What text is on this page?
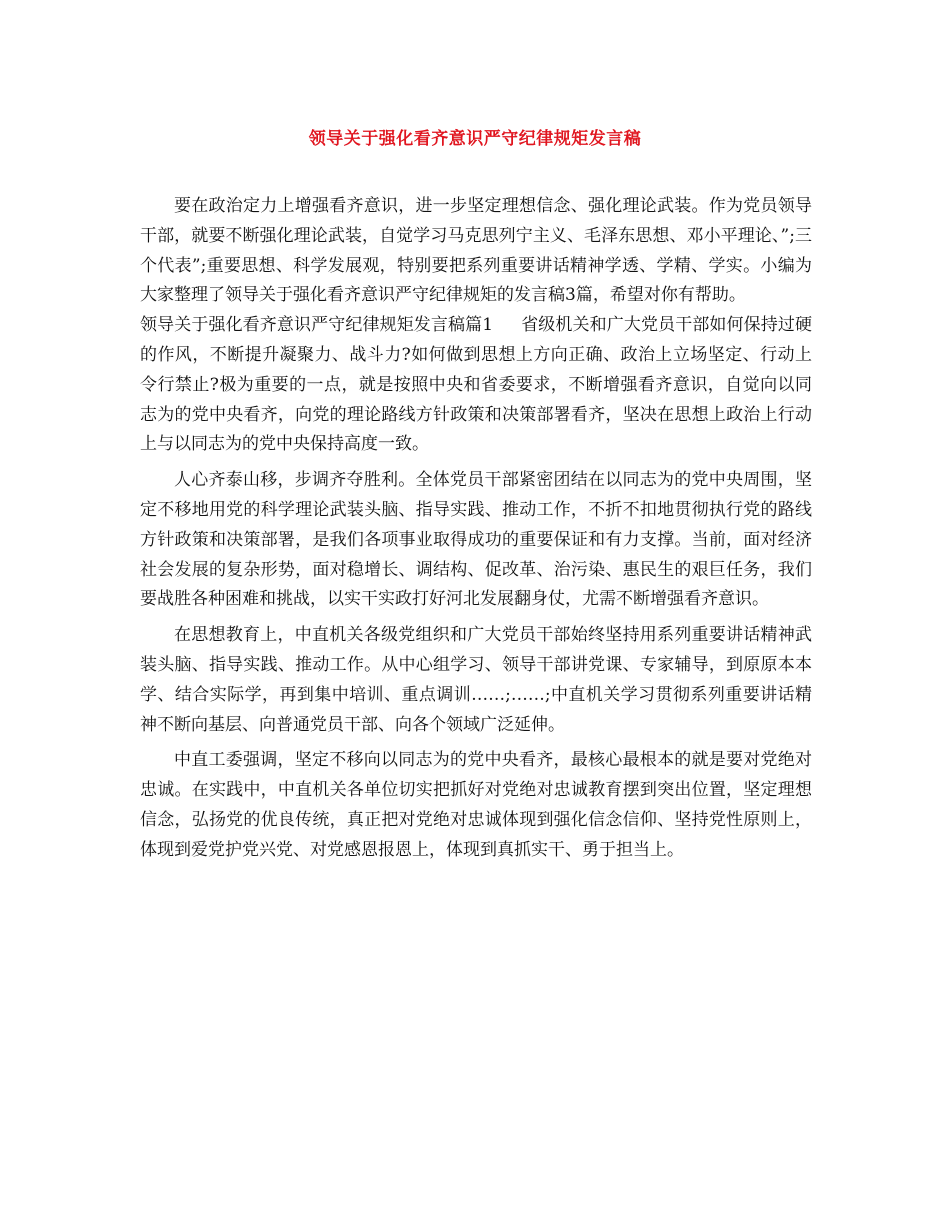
领导关于强化看齐意识严守纪律规矩发言稿

要在政治定力上增强看齐意识，进一步坚定理想信念、强化理论武装。作为党员领导干部，就要不断强化理论武装，自觉学习马克思列宁主义、毛泽东思想、邓小平理论、”;三个代表”;重要思想、科学发展观，特别要把系列重要讲话精神学透、学精、学实。小编为大家整理了领导关于强化看齐意识严守纪律规矩的发言稿3篇，希望对你有帮助。

领导关于强化看齐意识严守纪律规矩发言稿篇1 省级机关和广大党员干部如何保持过硬的作风，不断提升凝聚力、战斗力?如何做到思想上方向正确、政治上立场坚定、行动上令行禁止?极为重要的一点，就是按照中央和省委要求，不断增强看齐意识，自觉向以同志为的党中央看齐，向党的理论路线方针政策和决策部署看齐，坚决在思想上政治上行动上与以同志为的党中央保持高度一致。

人心齐泰山移，步调齐夺胜利。全体党员干部紧密团结在以同志为的党中央周围，坚定不移地用党的科学理论武装头脑、指导实践、推动工作，不折不扣地贯彻执行党的路线方针政策和决策部署，是我们各项事业取得成功的重要保证和有力支撑。当前，面对经济社会发展的复杂形势，面对稳增长、调结构、促改革、治污染、惠民生的艰巨任务，我们要战胜各种困难和挑战，以实干实政打好河北发展翻身仗，尤需不断增强看齐意识。

在思想教育上，中直机关各级党组织和广大党员干部始终坚持用系列重要讲话精神武装头脑、指导实践、推动工作。从中心组学习、领导干部讲党课、专家辅导，到原原本本学、结合实际学，再到集中培训、重点调训……;……;中直机关学习贯彻系列重要讲话精神不断向基层、向普通党员干部、向各个领域广泛延伸。

中直工委强调，坚定不移向以同志为的党中央看齐，最核心最根本的就是要对党绝对忠诚。在实践中，中直机关各单位切实把抓好对党绝对忠诚教育摆到突出位置，坚定理想信念，弘扬党的优良传统，真正把对党绝对忠诚体现到强化信念信仰、坚持党性原则上，体现到爱党护党兴党、对党感恩报恩上，体现到真抓实干、勇于担当上。
